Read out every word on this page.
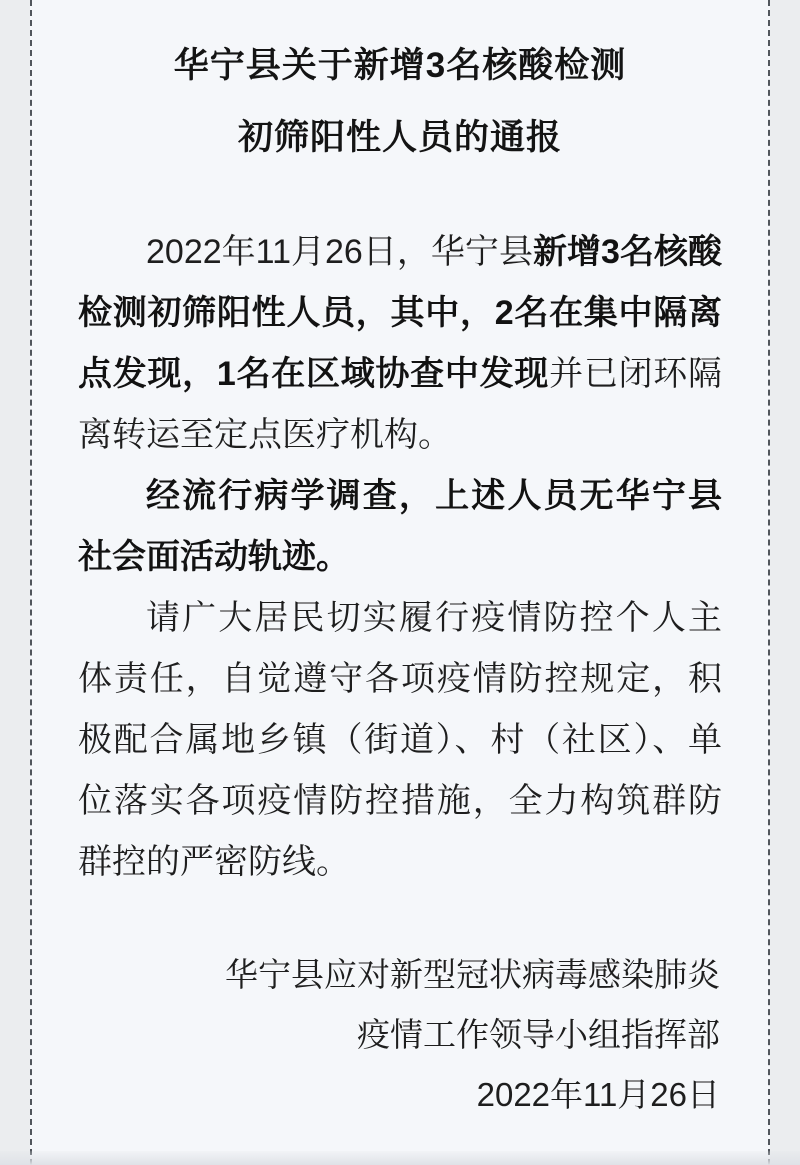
华宁县关于新增3名核酸检测
初筛阳性人员的通报

2022年11月26日，华宁县新增3名核酸检测初筛阳性人员，其中，2名在集中隔离点发现，1名在区域协查中发现并已闭环隔离转运至定点医疗机构。

经流行病学调查，上述人员无华宁县社会面活动轨迹。

请广大居民切实履行疫情防控个人主体责任，自觉遵守各项疫情防控规定，积极配合属地乡镇（街道）、村（社区）、单位落实各项疫情防控措施，全力构筑群防群控的严密防线。

华宁县应对新型冠状病毒感染肺炎
疫情工作领导小组指挥部
2022年11月26日
